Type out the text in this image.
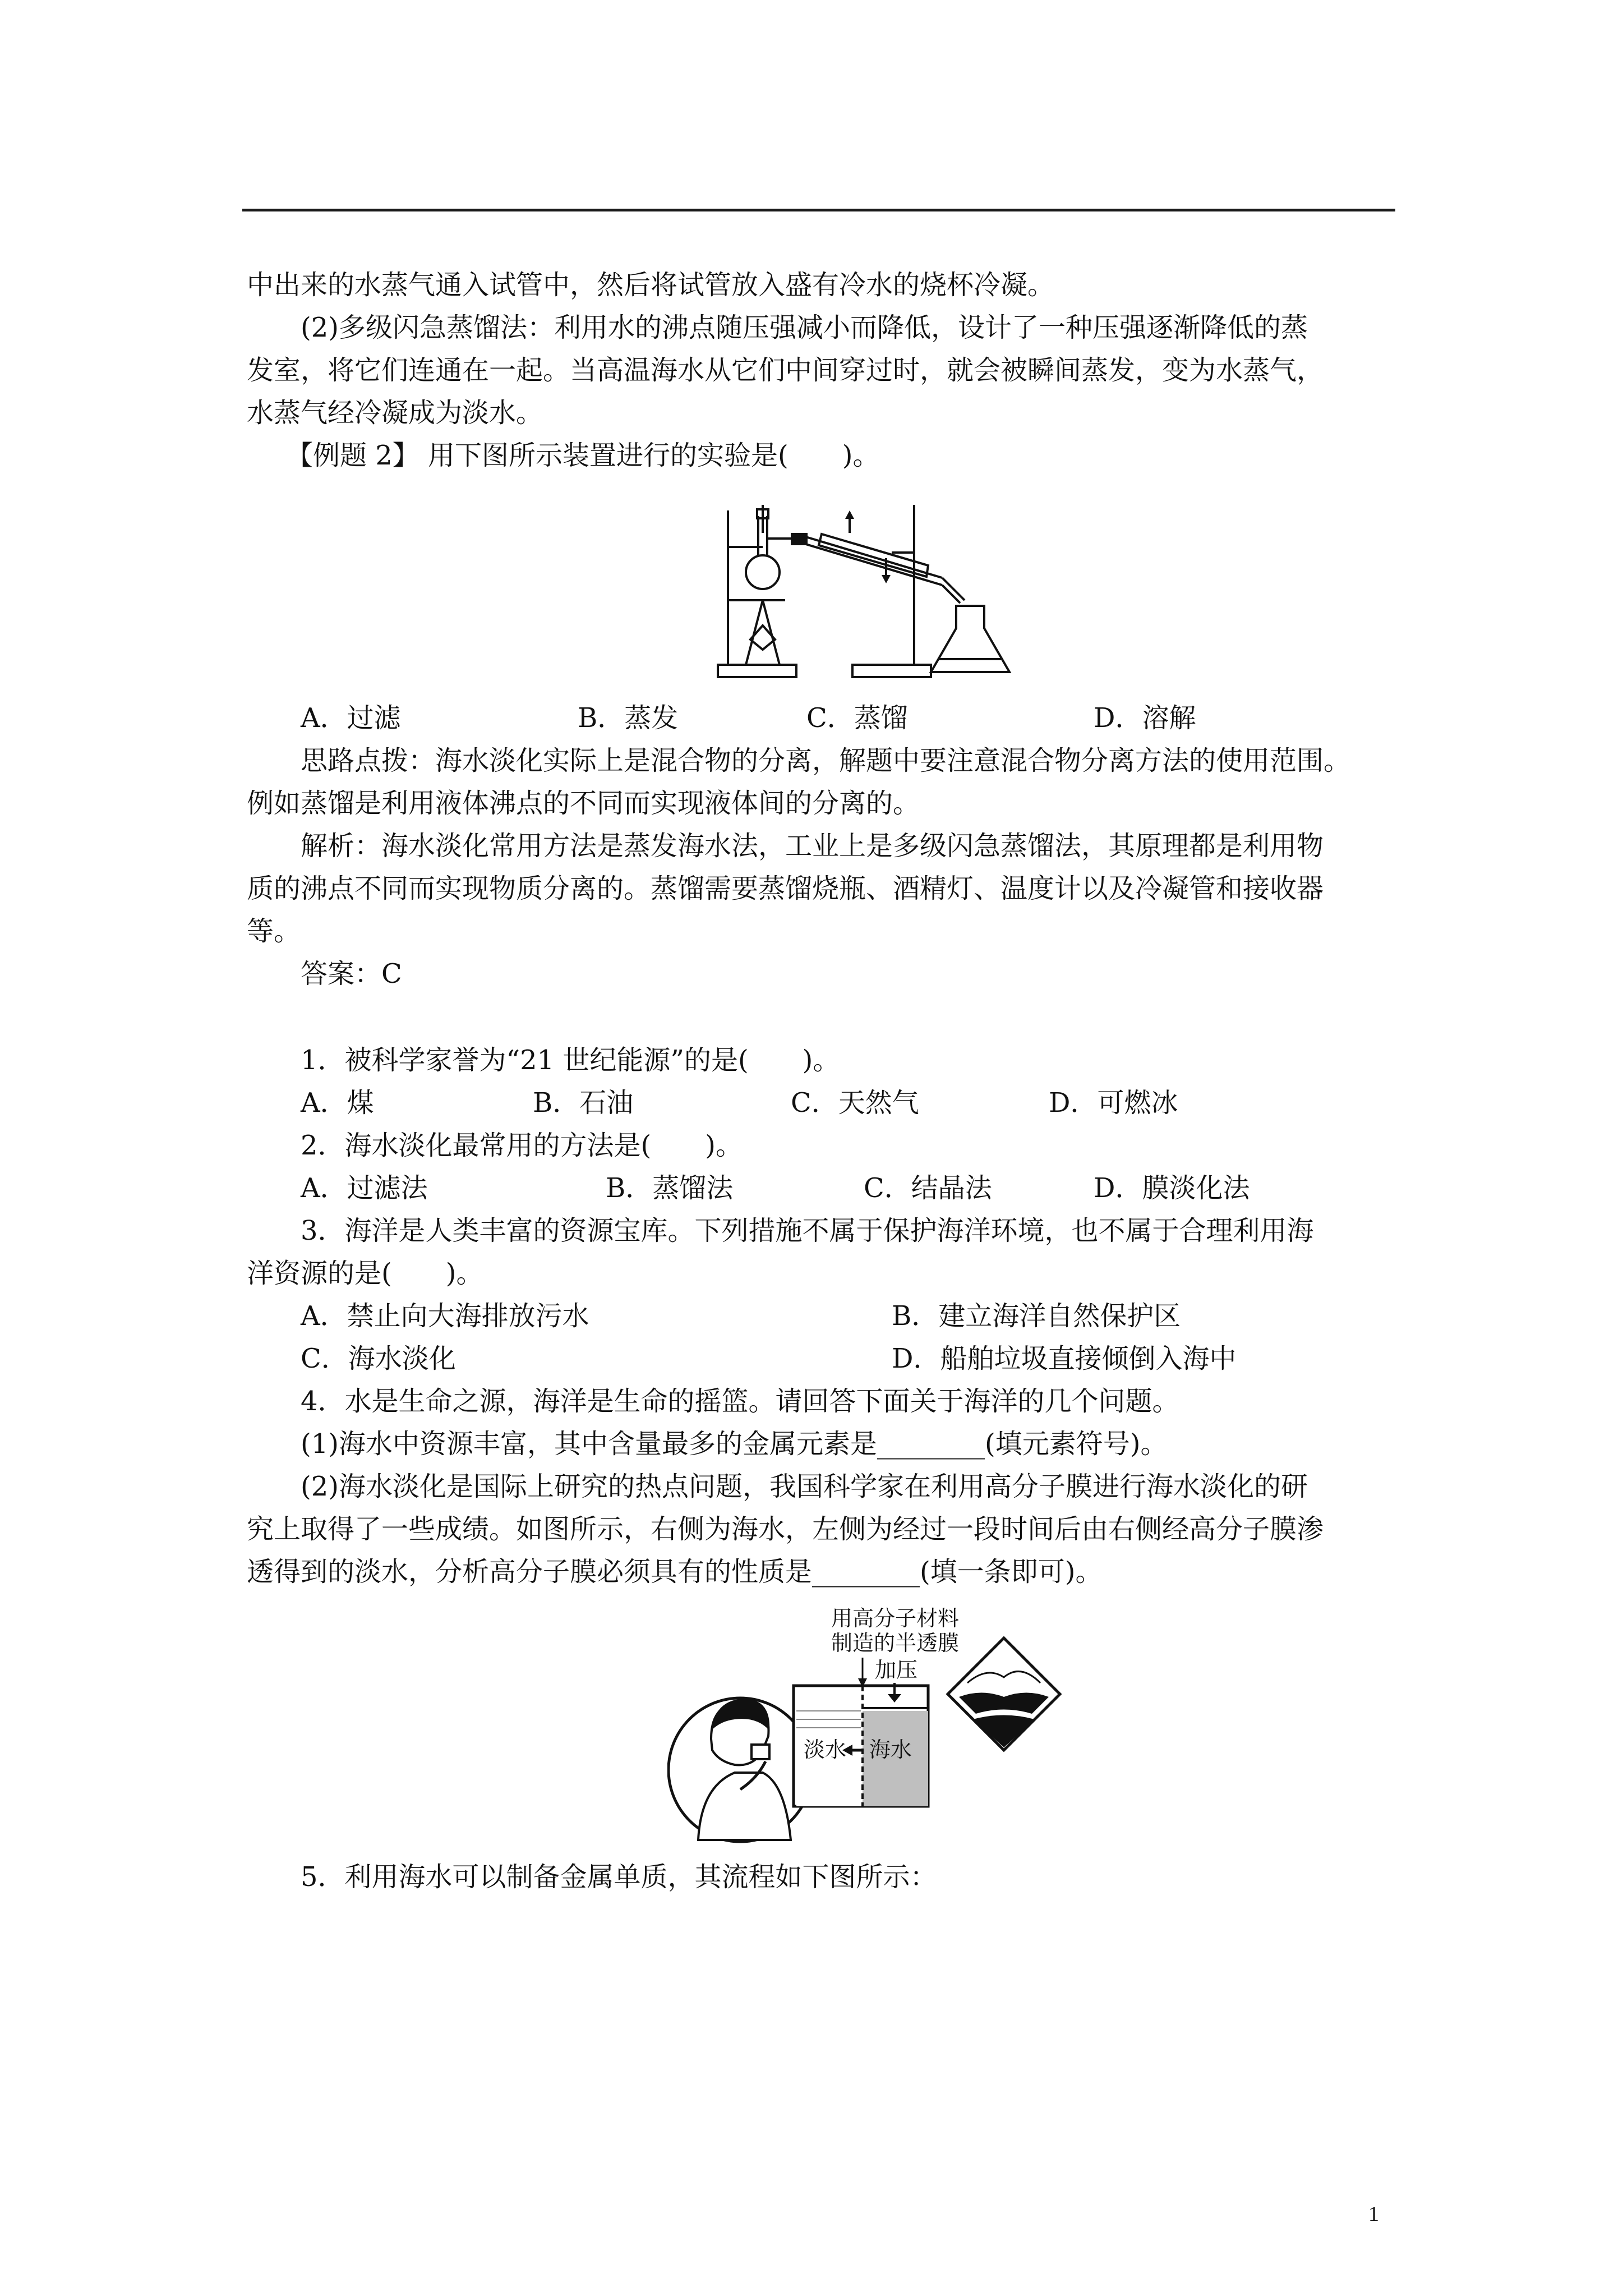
中出来的水蒸气通入试管中，然后将试管放入盛有冷水的烧杯冷凝。
(2)多级闪急蒸馏法：利用水的沸点随压强减小而降低，设计了一种压强逐渐降低的蒸
发室，将它们连通在一起。当高温海水从它们中间穿过时，就会被瞬间蒸发，变为水蒸气，
水蒸气经冷凝成为淡水。
【例题 2】 用下图所示装置进行的实验是(　　)。
A．过滤	B．蒸发	C．蒸馏	D．溶解
思路点拨：海水淡化实际上是混合物的分离，解题中要注意混合物分离方法的使用范围。
例如蒸馏是利用液体沸点的不同而实现液体间的分离的。
解析：海水淡化常用方法是蒸发海水法，工业上是多级闪急蒸馏法，其原理都是利用物
质的沸点不同而实现物质分离的。蒸馏需要蒸馏烧瓶、酒精灯、温度计以及冷凝管和接收器
等。
答案：C
1．被科学家誉为“21 世纪能源”的是(　　)。
A．煤	B．石油	C．天然气	D．可燃冰
2．海水淡化最常用的方法是(　　)。
A．过滤法	B．蒸馏法	C．结晶法	D．膜淡化法
3．海洋是人类丰富的资源宝库。下列措施不属于保护海洋环境，也不属于合理利用海
洋资源的是(　　)。
A．禁止向大海排放污水	B．建立海洋自然保护区
C．海水淡化	D．船舶垃圾直接倾倒入海中
4．水是生命之源，海洋是生命的摇篮。请回答下面关于海洋的几个问题。
(1)海水中资源丰富，其中含量最多的金属元素是________(填元素符号)。
(2)海水淡化是国际上研究的热点问题，我国科学家在利用高分子膜进行海水淡化的研
究上取得了一些成绩。如图所示，右侧为海水，左侧为经过一段时间后由右侧经高分子膜渗
透得到的淡水，分析高分子膜必须具有的性质是________(填一条即可)。
用高分子材料
制造的半透膜
加压
淡水 海水
5．利用海水可以制备金属单质，其流程如下图所示：
1
